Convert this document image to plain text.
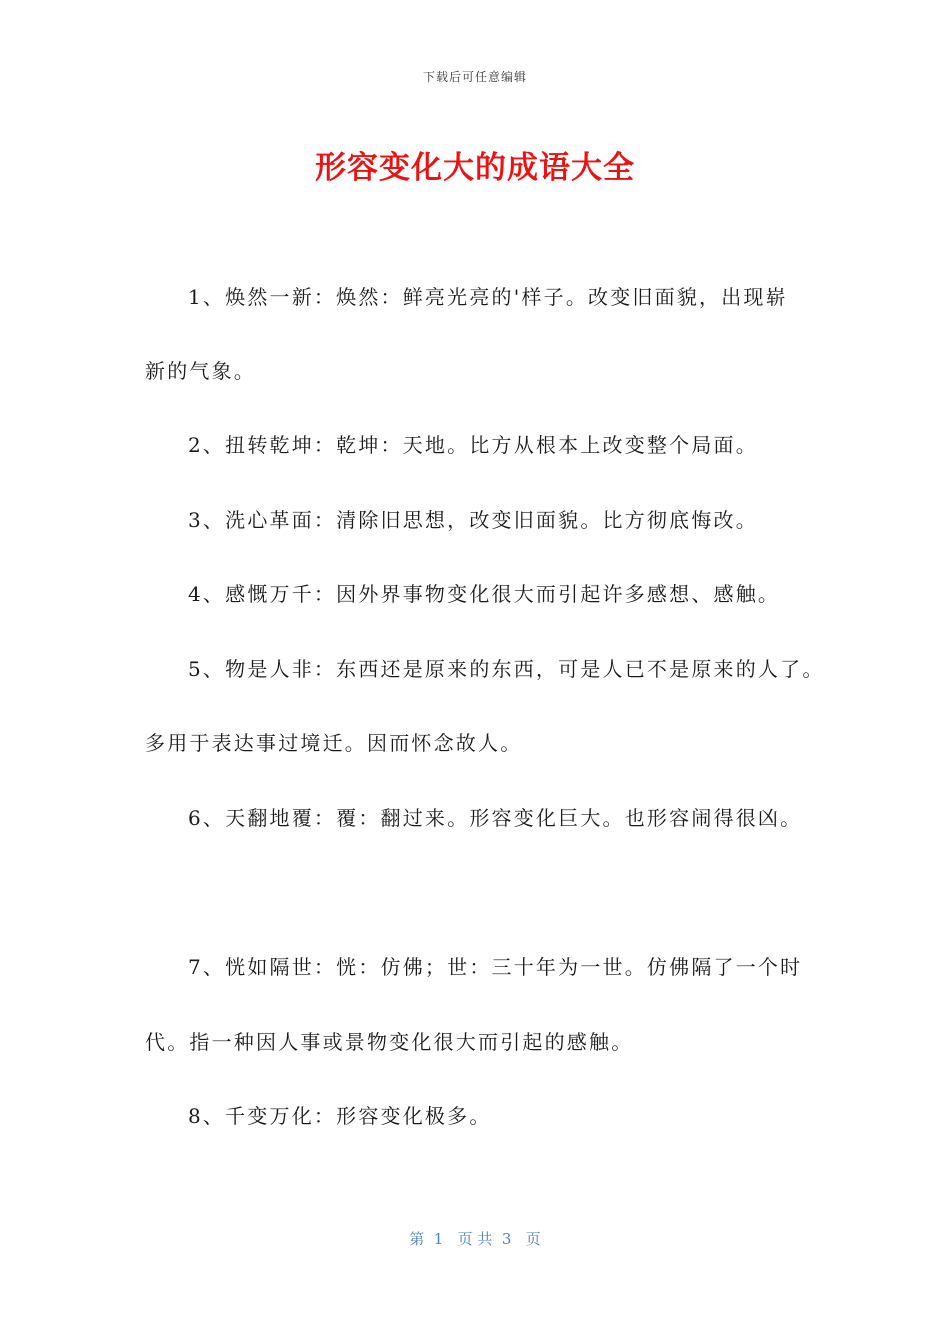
下载后可任意编辑
形容变化大的成语大全
1、焕然一新：焕然：鲜亮光亮的'样子。改变旧面貌，出现崭
新的气象。
2、扭转乾坤：乾坤：天地。比方从根本上改变整个局面。
3、洗心革面：清除旧思想，改变旧面貌。比方彻底悔改。
4、感慨万千：因外界事物变化很大而引起许多感想、感触。
5、物是人非：东西还是原来的东西，可是人已不是原来的人了。
多用于表达事过境迁。因而怀念故人。
6、天翻地覆：覆：翻过来。形容变化巨大。也形容闹得很凶。
7、恍如隔世：恍：仿佛；世：三十年为一世。仿佛隔了一个时
代。指一种因人事或景物变化很大而引起的感触。
8、千变万化：形容变化极多。
第  1   页 共  3   页
